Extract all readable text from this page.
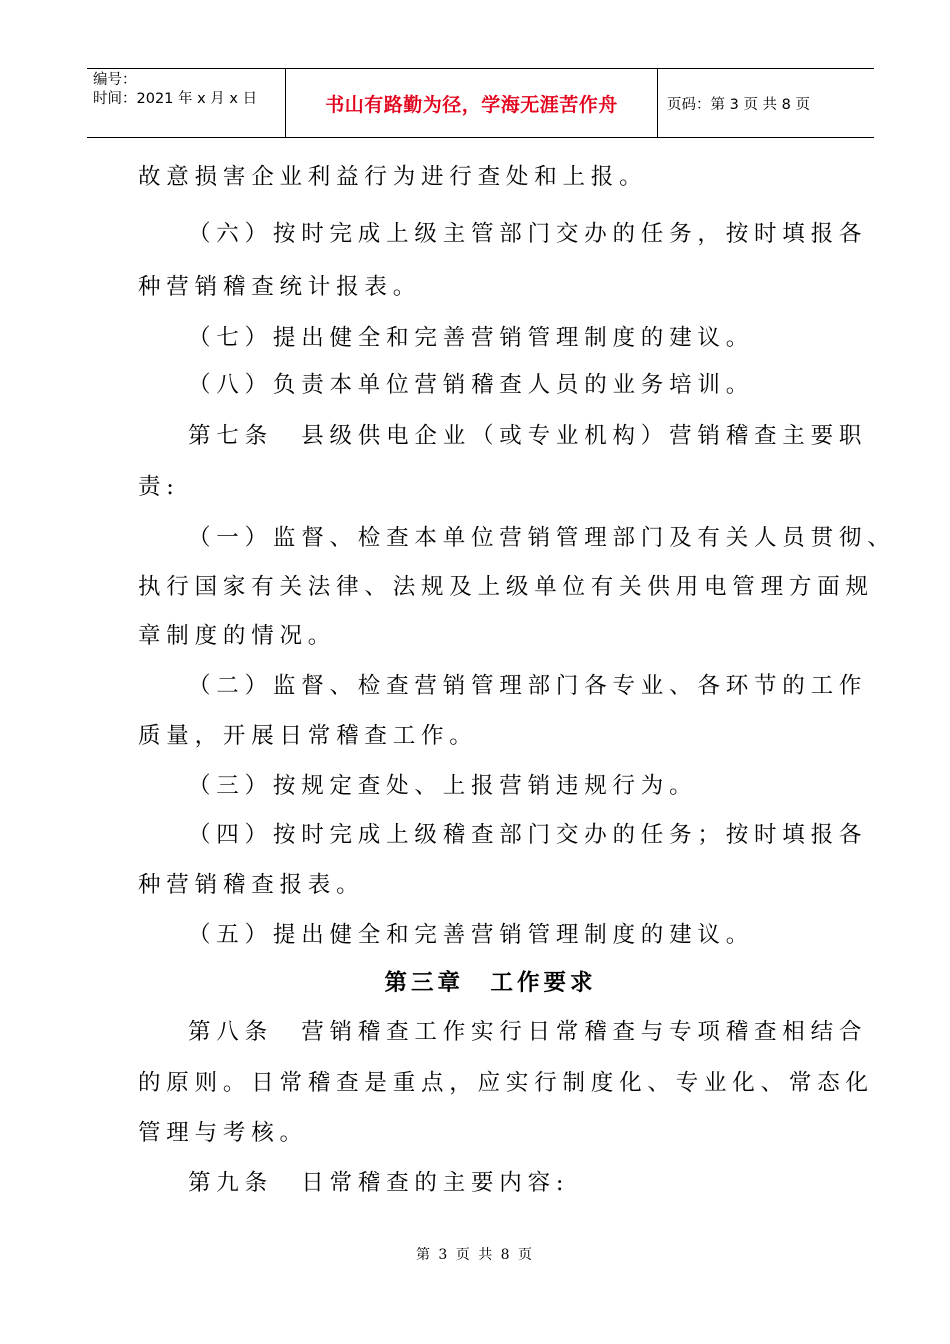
编号：
时间：2021 年 x 月 x 日	书山有路勤为径，学海无涯苦作舟	页码：第 3 页 共 8 页
故意损害企业利益行为进行查处和上报。
（六）按时完成上级主管部门交办的任务，按时填报各
种营销稽查统计报表。
（七）提出健全和完善营销管理制度的建议。
（八）负责本单位营销稽查人员的业务培训。
第七条　县级供电企业（或专业机构）营销稽查主要职
责:
（一）监督、检查本单位营销管理部门及有关人员贯彻、
执行国家有关法律、法规及上级单位有关供用电管理方面规
章制度的情况。
（二）监督、检查营销管理部门各专业、各环节的工作
质量，开展日常稽查工作。
（三）按规定查处、上报营销违规行为。
（四）按时完成上级稽查部门交办的任务；按时填报各
种营销稽查报表。
（五）提出健全和完善营销管理制度的建议。
第三章　工作要求
第八条　营销稽查工作实行日常稽查与专项稽查相结合
的原则。日常稽查是重点，应实行制度化、专业化、常态化
管理与考核。
第九条　日常稽查的主要内容:
第 3 页 共 8 页
